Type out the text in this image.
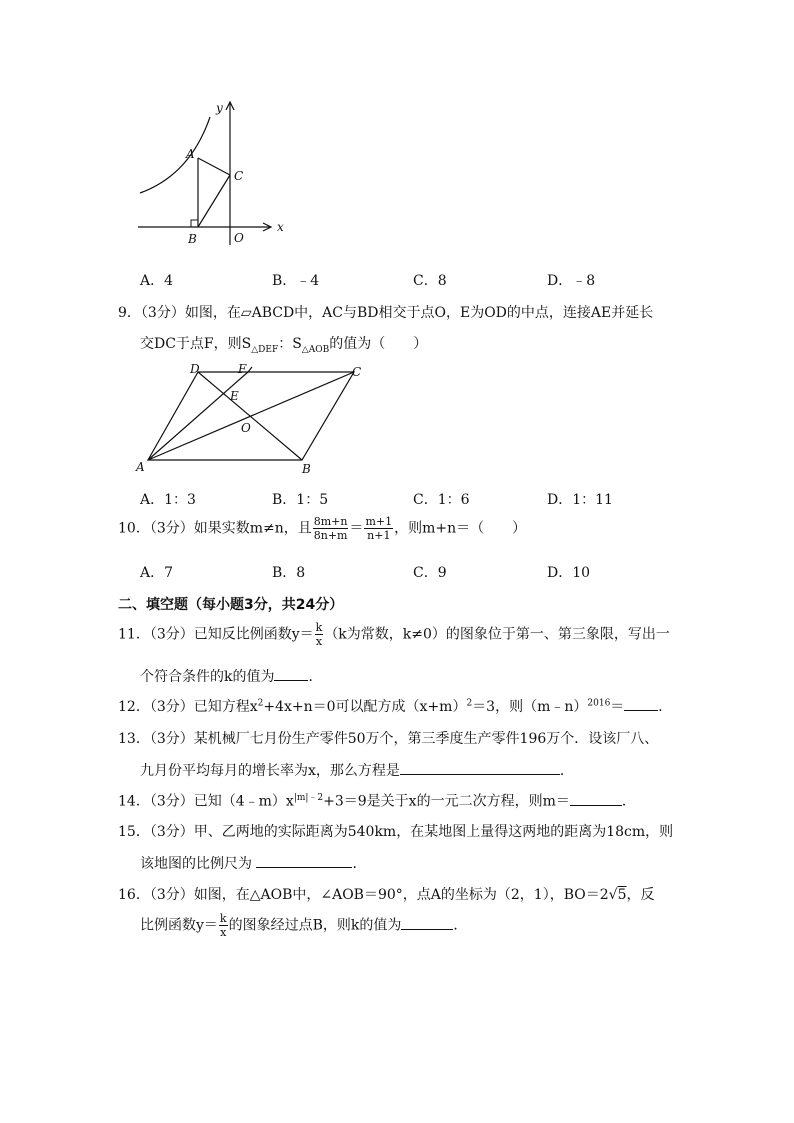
y
x
A
B
C
O
A．4	B．﹣4	C．8	D．﹣8
9．（3分）如图，在▱ABCD中，AC与BD相交于点O，E为OD的中点，连接AE并延长
交DC于点F，则$S_{\triangle DEF}$：$S_{\triangle AOB}$的值为（　　）
D	F	C
E
O
A	B
A．1：3	B．1：5	C．1：6	D．1：11
10．（3分）如果实数m≠n，且 $\frac{8m+n}{8n+m} = \frac{m+1}{n+1}$ ，则m+n＝（　　）
A．7	B．8	C．9	D．10
二、填空题（每小题3分，共24分）
11．（3分）已知反比例函数$y= \frac{k}{x} (k$为常数，k≠0）的图象位于第一、第三象限，写出一
个符合条件的k的值为 ．
12．（3分）已知方程$x^2+4x+n=0$可以配方成$(x+m)^2=3$，则（m﹣n）$^{2016}$＝ ．
13．（3分）某机械厂七月份生产零件50万个，第三季度生产零件196万个．设该厂八、
九月份平均每月的增长率为x，那么方程是	．
14．（3分）已知$(4﹣m)x^{|m|﹣2}+3=9$是关于x的一元二次方程，则m＝	．
15．（3分）甲、乙两地的实际距离为540km，在某地图上量得这两地的距离为18cm，则
该地图的比例尺为	．
16．（3分）如图，在△AOB中，∠AOB＝90°，点A的坐标为（2，1），BO＝2√5，反
比例函数$y= \frac{k}{x}$ 的图象经过点B，则k的值为	．
